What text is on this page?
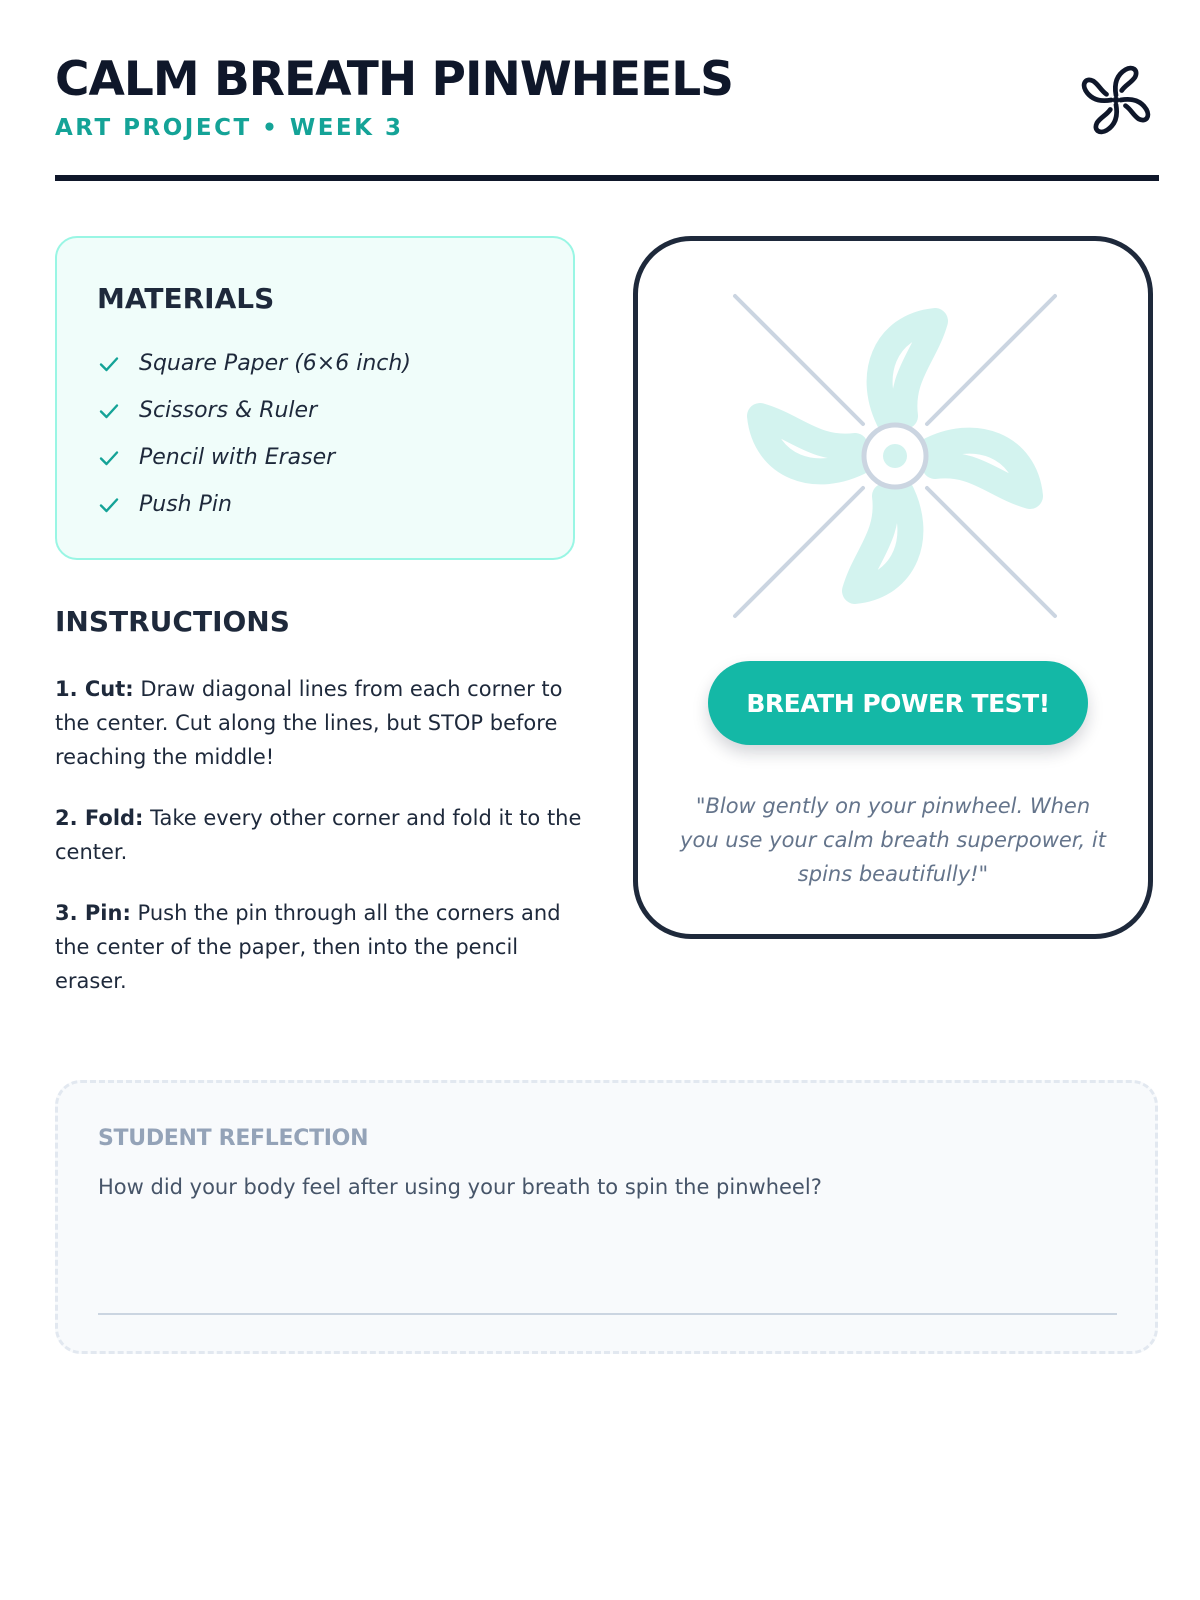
CALM BREATH PINWHEELS
ART PROJECT • WEEK 3
MATERIALS
Square Paper (6×6 inch)
Scissors & Ruler
Pencil with Eraser
Push Pin
INSTRUCTIONS

1. Cut: Draw diagonal lines from each corner to the center. Cut along the lines, but STOP before reaching the middle!

2. Fold: Take every other corner and fold it to the center.

3. Pin: Push the pin through all the corners and the center of the paper, then into the pencil eraser.

BREATH POWER TEST!

"Blow gently on your pinwheel. When you use your calm breath superpower, it spins beautifully!"

STUDENT REFLECTION
How did your body feel after using your breath to spin the pinwheel?
